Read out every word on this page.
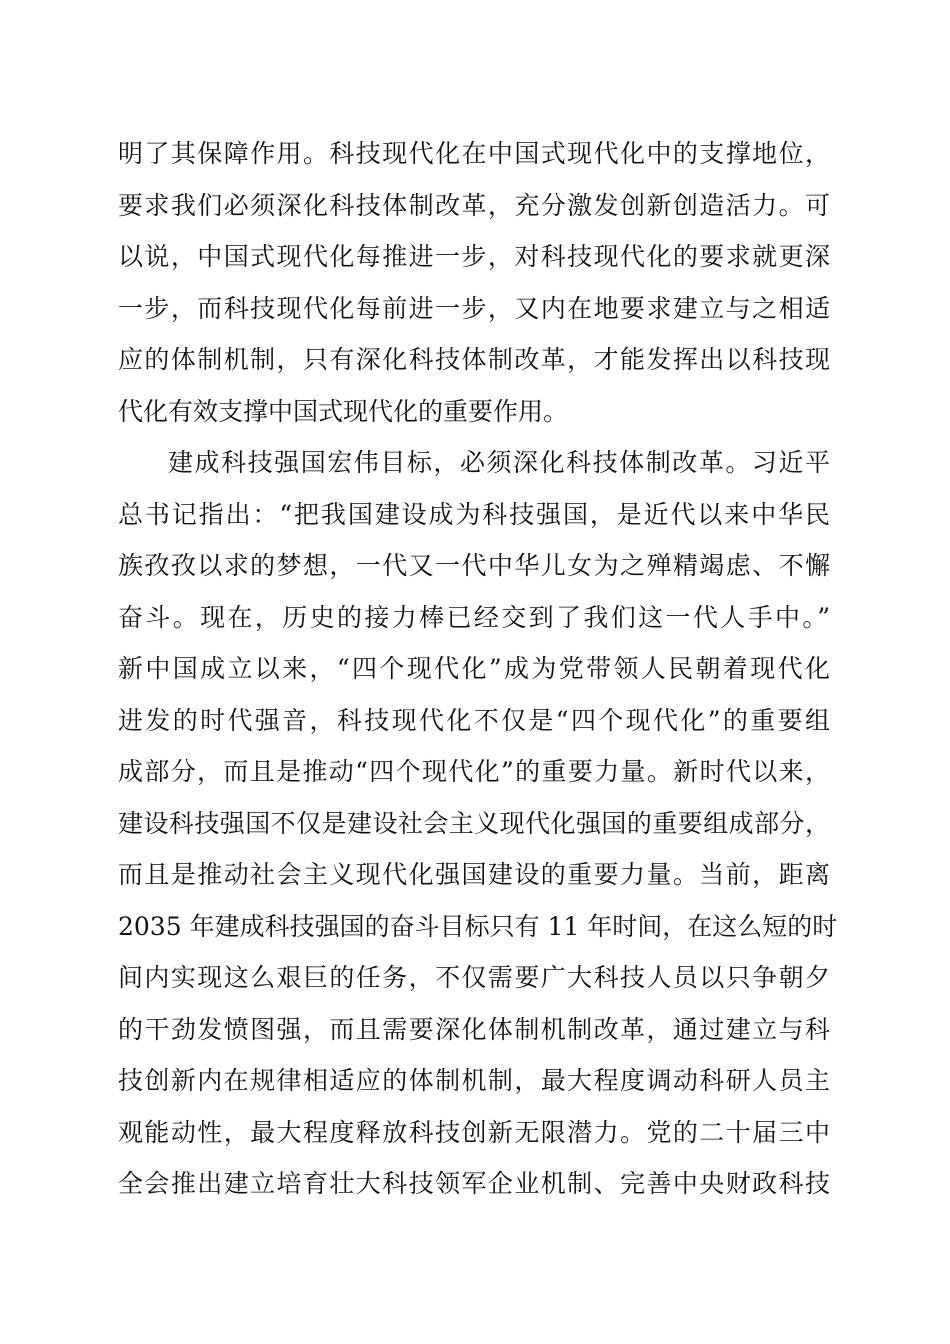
明了其保障作用。科技现代化在中国式现代化中的支撑地位，
要求我们必须深化科技体制改革，充分激发创新创造活力。可
以说，中国式现代化每推进一步，对科技现代化的要求就更深
一步，而科技现代化每前进一步，又内在地要求建立与之相适
应的体制机制，只有深化科技体制改革，才能发挥出以科技现
代化有效支撑中国式现代化的重要作用。
建成科技强国宏伟目标，必须深化科技体制改革。习近平
总书记指出：“把我国建设成为科技强国，是近代以来中华民
族孜孜以求的梦想，一代又一代中华儿女为之殚精竭虑、不懈
奋斗。现在，历史的接力棒已经交到了我们这一代人手中。”
新中国成立以来，“四个现代化”成为党带领人民朝着现代化
进发的时代强音，科技现代化不仅是“四个现代化”的重要组
成部分，而且是推动“四个现代化”的重要力量。新时代以来，
建设科技强国不仅是建设社会主义现代化强国的重要组成部分，
而且是推动社会主义现代化强国建设的重要力量。当前，距离
2035 年建成科技强国的奋斗目标只有 11 年时间，在这么短的时
间内实现这么艰巨的任务，不仅需要广大科技人员以只争朝夕
的干劲发愤图强，而且需要深化体制机制改革，通过建立与科
技创新内在规律相适应的体制机制，最大程度调动科研人员主
观能动性，最大程度释放科技创新无限潜力。党的二十届三中
全会推出建立培育壮大科技领军企业机制、完善中央财政科技
